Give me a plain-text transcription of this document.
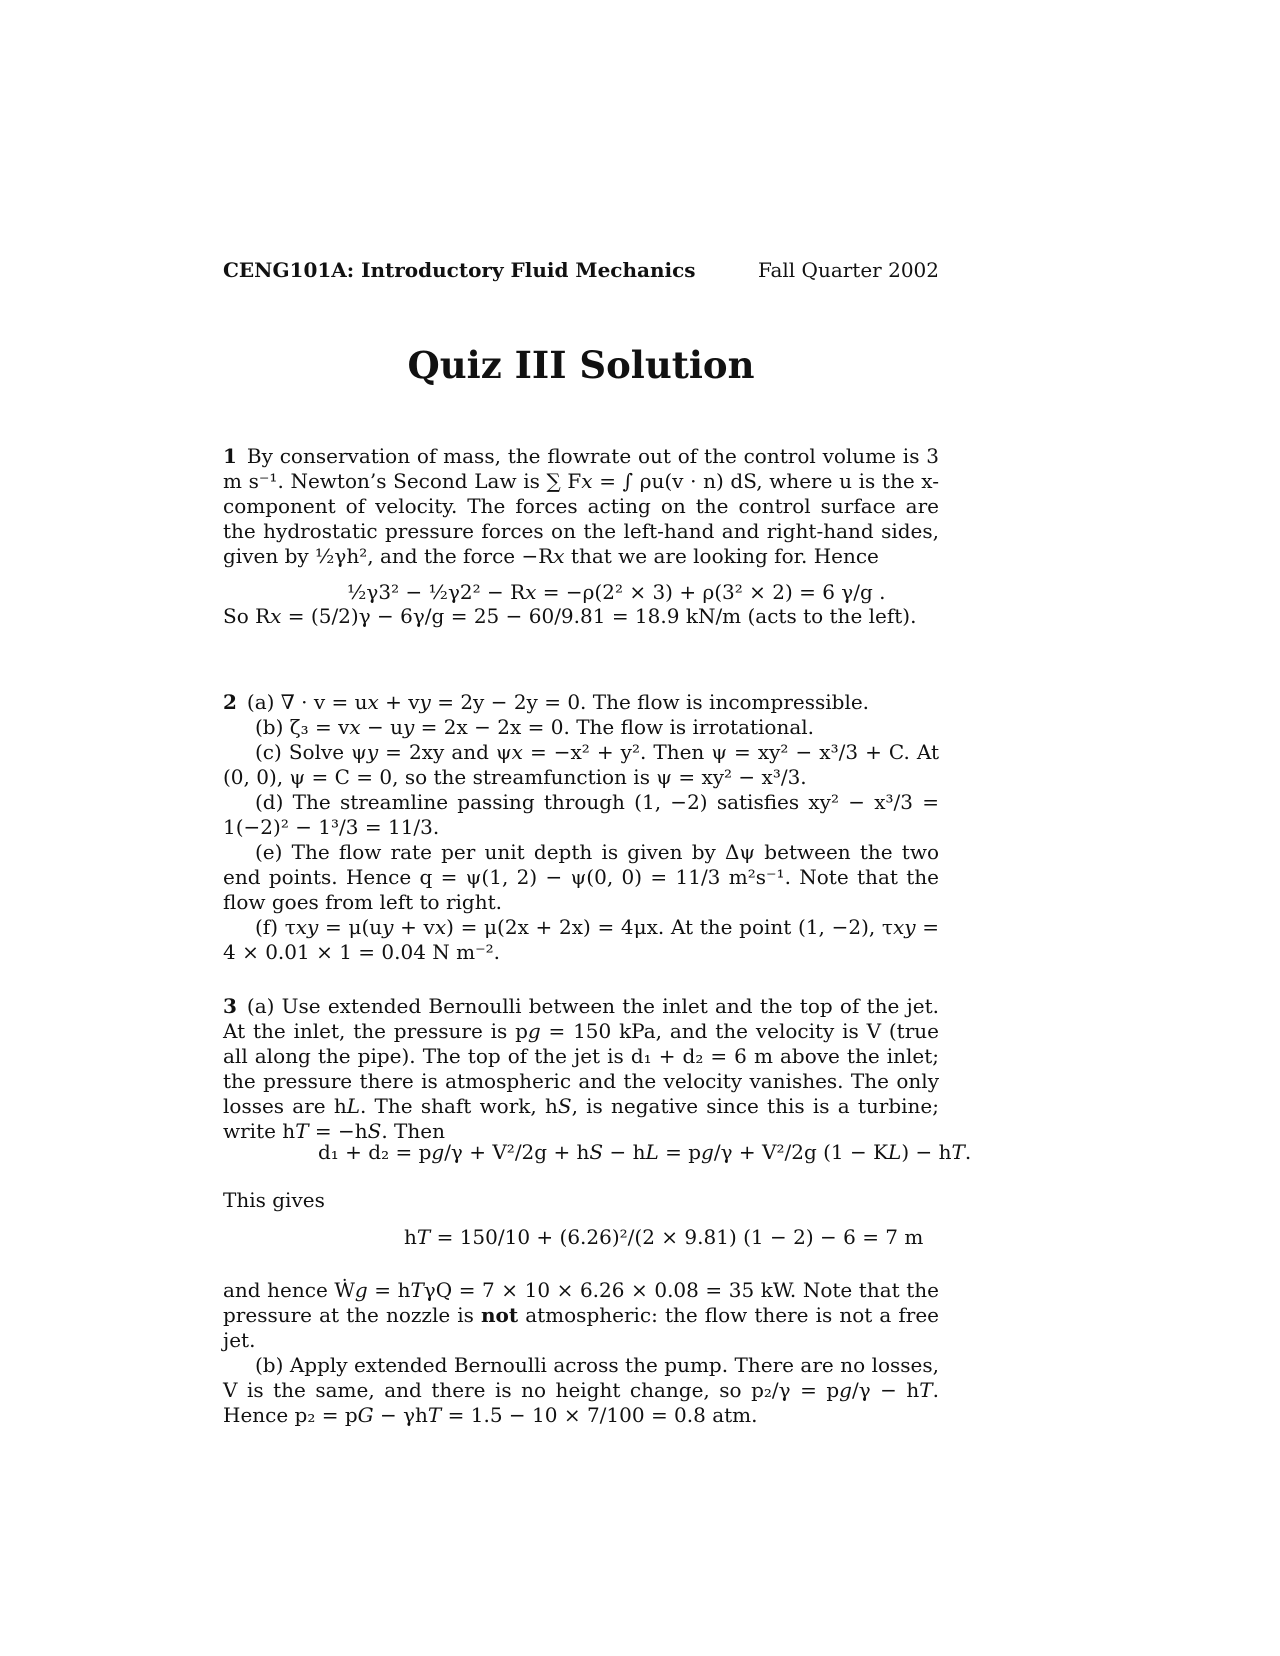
CENG101A: Introductory Fluid Mechanics	Fall Quarter 2002
Quiz III Solution

1 By conservation of mass, the flowrate out of the control volume is 3 m s⁻¹. Newton’s Second Law is ∑ F𝑥 = ∫ ρu(v · n) dS, where u is the x-component of velocity. The forces acting on the control surface are the hydrostatic pressure forces on the left-hand and right-hand sides, given by ½γh², and the force −R𝑥 that we are looking for. Hence

½γ3² − ½γ2² − R𝑥 = −ρ(2² × 3) + ρ(3² × 2) = 6 γ/g .
So R𝑥 = (5/2)γ − 6γ/g = 25 − 60/9.81 = 18.9 kN/m (acts to the left).

2 (a) ∇ · v = u𝑥 + v𝑦 = 2y − 2y = 0. The flow is incompressible.

(b) ζ₃ = v𝑥 − u𝑦 = 2x − 2x = 0. The flow is irrotational.

(c) Solve ψ𝑦 = 2xy and ψ𝑥 = −x² + y². Then ψ = xy² − x³/3 + C. At (0, 0), ψ = C = 0, so the streamfunction is ψ = xy² − x³/3.

(d) The streamline passing through (1, −2) satisfies xy² − x³/3 = 1(−2)² − 1³/3 = 11/3.

(e) The flow rate per unit depth is given by Δψ between the two end points. Hence q = ψ(1, 2) − ψ(0, 0) = 11/3 m²s⁻¹. Note that the flow goes from left to right.

(f) τ𝑥𝑦 = μ(u𝑦 + v𝑥) = μ(2x + 2x) = 4μx. At the point (1, −2), τ𝑥𝑦 = 4 × 0.01 × 1 = 0.04 N m⁻².

3 (a) Use extended Bernoulli between the inlet and the top of the jet. At the inlet, the pressure is p𝑔 = 150 kPa, and the velocity is V (true all along the pipe). The top of the jet is d₁ + d₂ = 6 m above the inlet; the pressure there is atmospheric and the velocity vanishes. The only losses are h𝐿. The shaft work, h𝑆, is negative since this is a turbine; write h𝑇 = −h𝑆. Then

d₁ + d₂ = p𝑔/γ + V²/2g + h𝑆 − h𝐿 = p𝑔/γ + V²/2g (1 − K𝐿) − h𝑇.
This gives
h𝑇 = 150/10 + (6.26)²/(2 × 9.81) (1 − 2) − 6 = 7 m

and hence Ẇ𝑔 = h𝑇γQ = 7 × 10 × 6.26 × 0.08 = 35 kW. Note that the pressure at the nozzle is not atmospheric: the flow there is not a free jet.

(b) Apply extended Bernoulli across the pump. There are no losses, V is the same, and there is no height change, so p₂/γ = p𝑔/γ − h𝑇. Hence p₂ = p𝐺 − γh𝑇 = 1.5 − 10 × 7/100 = 0.8 atm.
